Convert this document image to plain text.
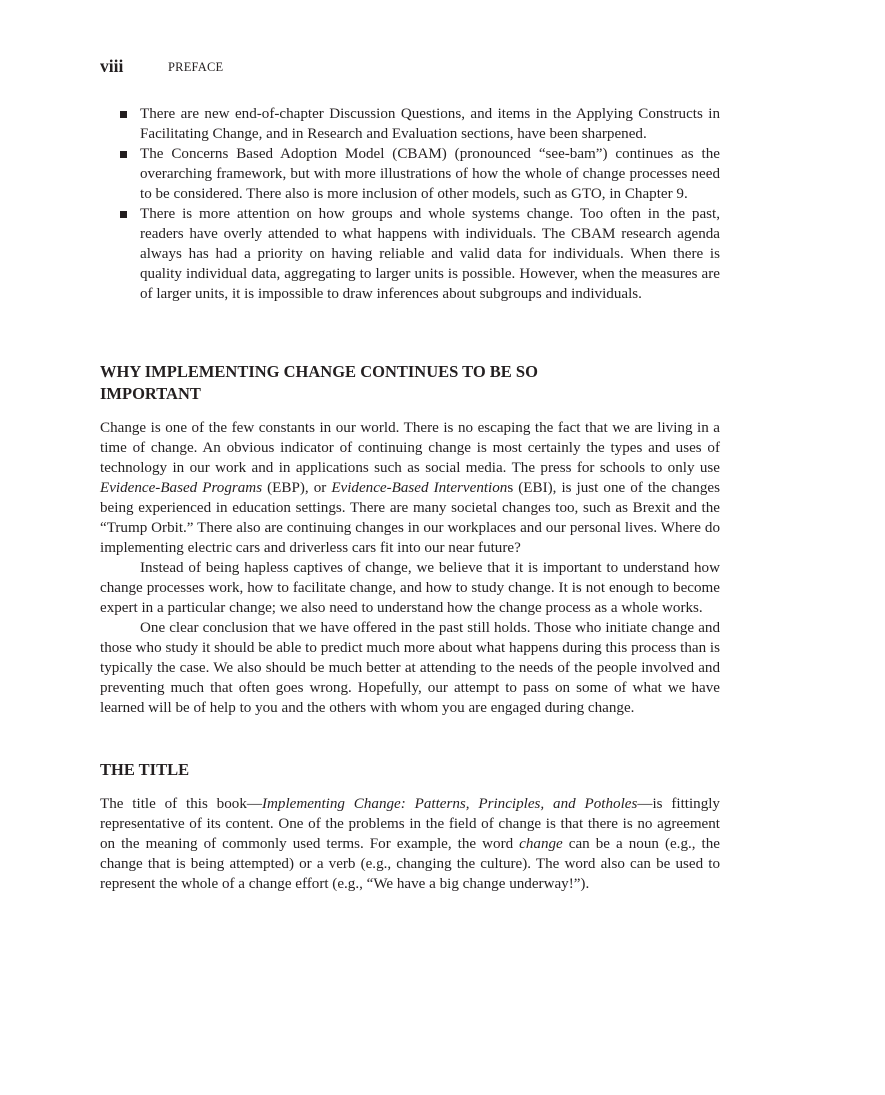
viii	PREFACE
There are new end-of-chapter Discussion Questions, and items in the Applying Constructs in Facilitating Change, and in Research and Evaluation sections, have been sharpened.
The Concerns Based Adoption Model (CBAM) (pronounced “see-bam”) continues as the overarching framework, but with more illustrations of how the whole of change processes need to be considered. There also is more inclusion of other models, such as GTO, in Chapter 9.
There is more attention on how groups and whole systems change. Too often in the past, readers have overly attended to what happens with individuals. The CBAM research agenda always has had a priority on having reliable and valid data for individuals. When there is quality individual data, aggregating to larger units is possible. However, when the measures are of larger units, it is impossible to draw inferences about subgroups and individuals.
WHY IMPLEMENTING CHANGE CONTINUES TO BE SO IMPORTANT

Change is one of the few constants in our world. There is no escaping the fact that we are living in a time of change. An obvious indicator of continuing change is most certainly the types and uses of technology in our work and in applications such as social media. The press for schools to only use Evidence-Based Programs (EBP), or Evidence-Based Interventions (EBI), is just one of the changes being experienced in education settings. There are many societal changes too, such as Brexit and the “Trump Orbit.” There also are continuing changes in our workplaces and our personal lives. Where do implementing electric cars and driverless cars fit into our near future?

Instead of being hapless captives of change, we believe that it is important to understand how change processes work, how to facilitate change, and how to study change. It is not enough to become expert in a particular change; we also need to understand how the change process as a whole works.

One clear conclusion that we have offered in the past still holds. Those who initiate change and those who study it should be able to predict much more about what happens during this process than is typically the case. We also should be much better at attending to the needs of the people involved and preventing much that often goes wrong. Hopefully, our attempt to pass on some of what we have learned will be of help to you and the others with whom you are engaged during change.

THE TITLE

The title of this book—Implementing Change: Patterns, Principles, and Potholes—is fittingly representative of its content. One of the problems in the field of change is that there is no agreement on the meaning of commonly used terms. For example, the word change can be a noun (e.g., the change that is being attempted) or a verb (e.g., changing the culture). The word also can be used to represent the whole of a change effort (e.g., “We have a big change underway!”).
